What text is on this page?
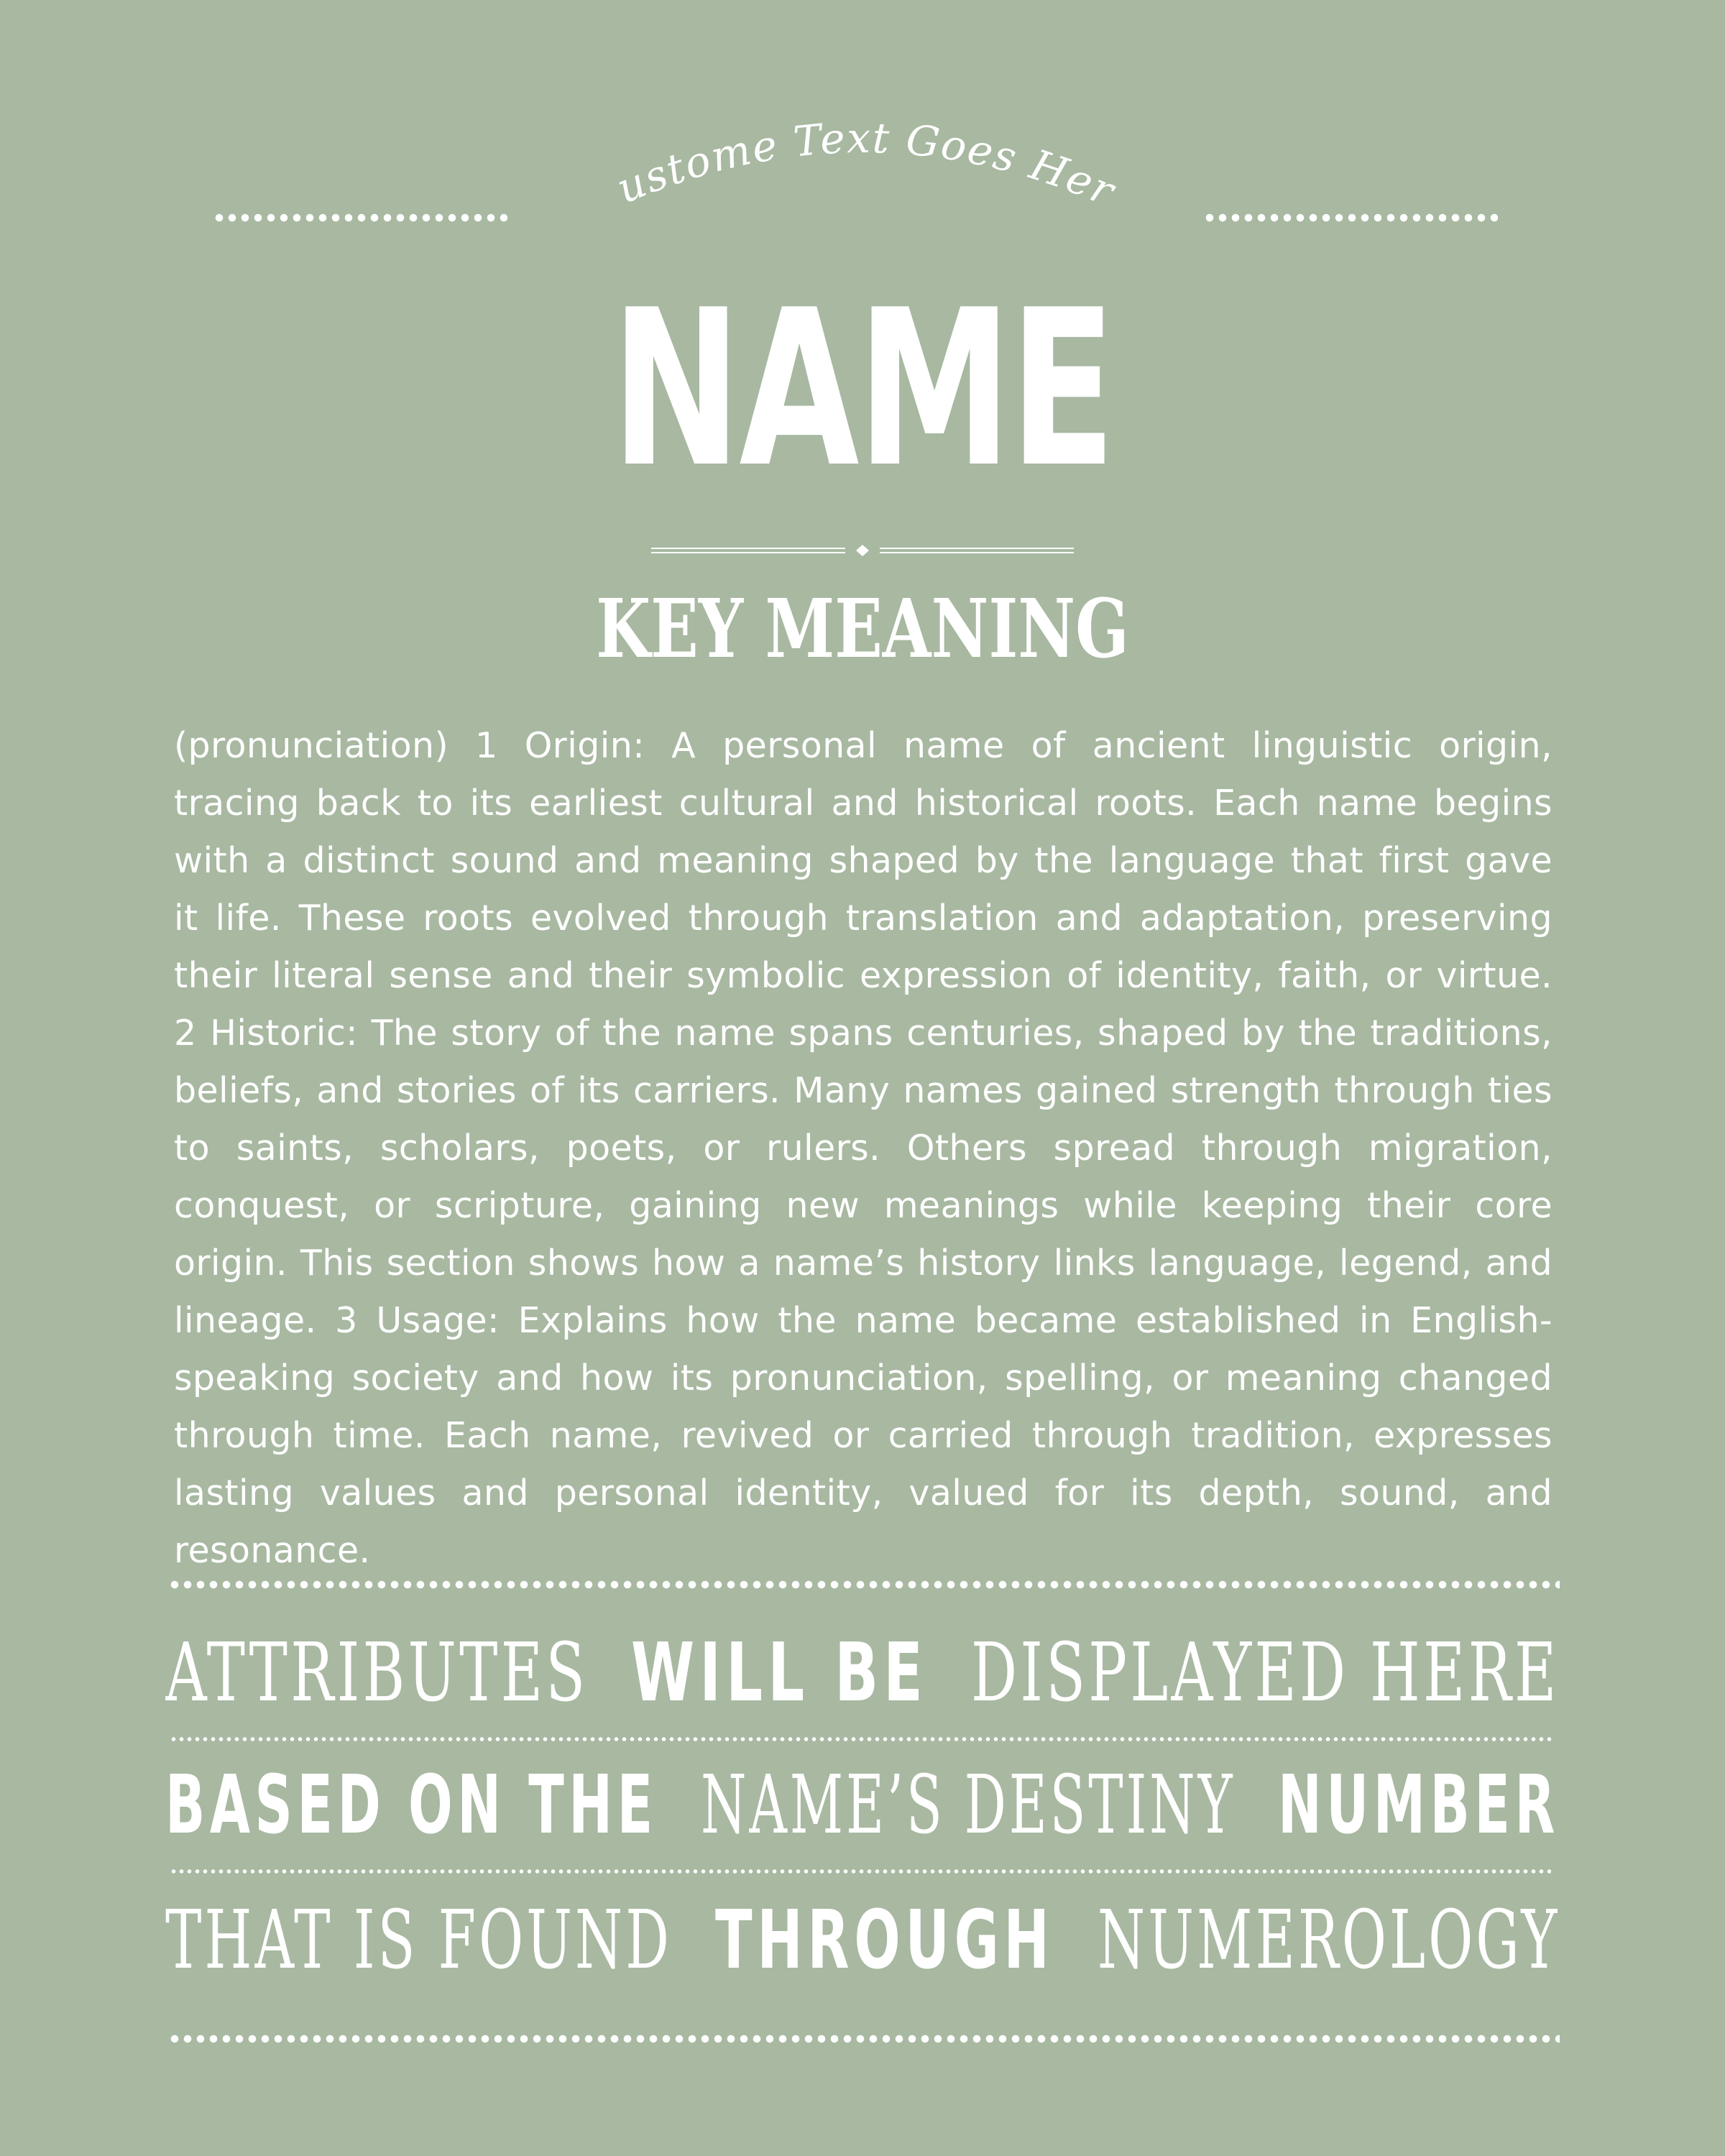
Custome Text Goes Here
NAME
KEY MEANING
(pronunciation) 1 Origin: A personal name of ancient linguistic origin, tracing back to its earliest cultural and historical roots. Each name begins with a distinct sound and meaning shaped by the language that first gave it life. These roots evolved through translation and adaptation, preserving their literal sense and their symbolic expression of identity, faith, or virtue. 2 Historic: The story of the name spans centuries, shaped by the traditions, beliefs, and stories of its carriers. Many names gained strength through ties to saints, scholars, poets, or rulers. Others spread through migration, conquest, or scripture, gaining new meanings while keeping their core origin. This section shows how a name’s history links language, legend, and lineage. 3 Usage: Explains how the name became established in English-speaking society and how its pronunciation, spelling, or meaning changed through time. Each name, revived or carried through tradition, expresses lasting values and personal identity, valued for its depth, sound, and resonance.
ATTRIBUTES WILL BE DISPLAYED HERE
BASED ON THE NAME’S DESTINY NUMBER
THAT IS FOUND THROUGH NUMEROLOGY
